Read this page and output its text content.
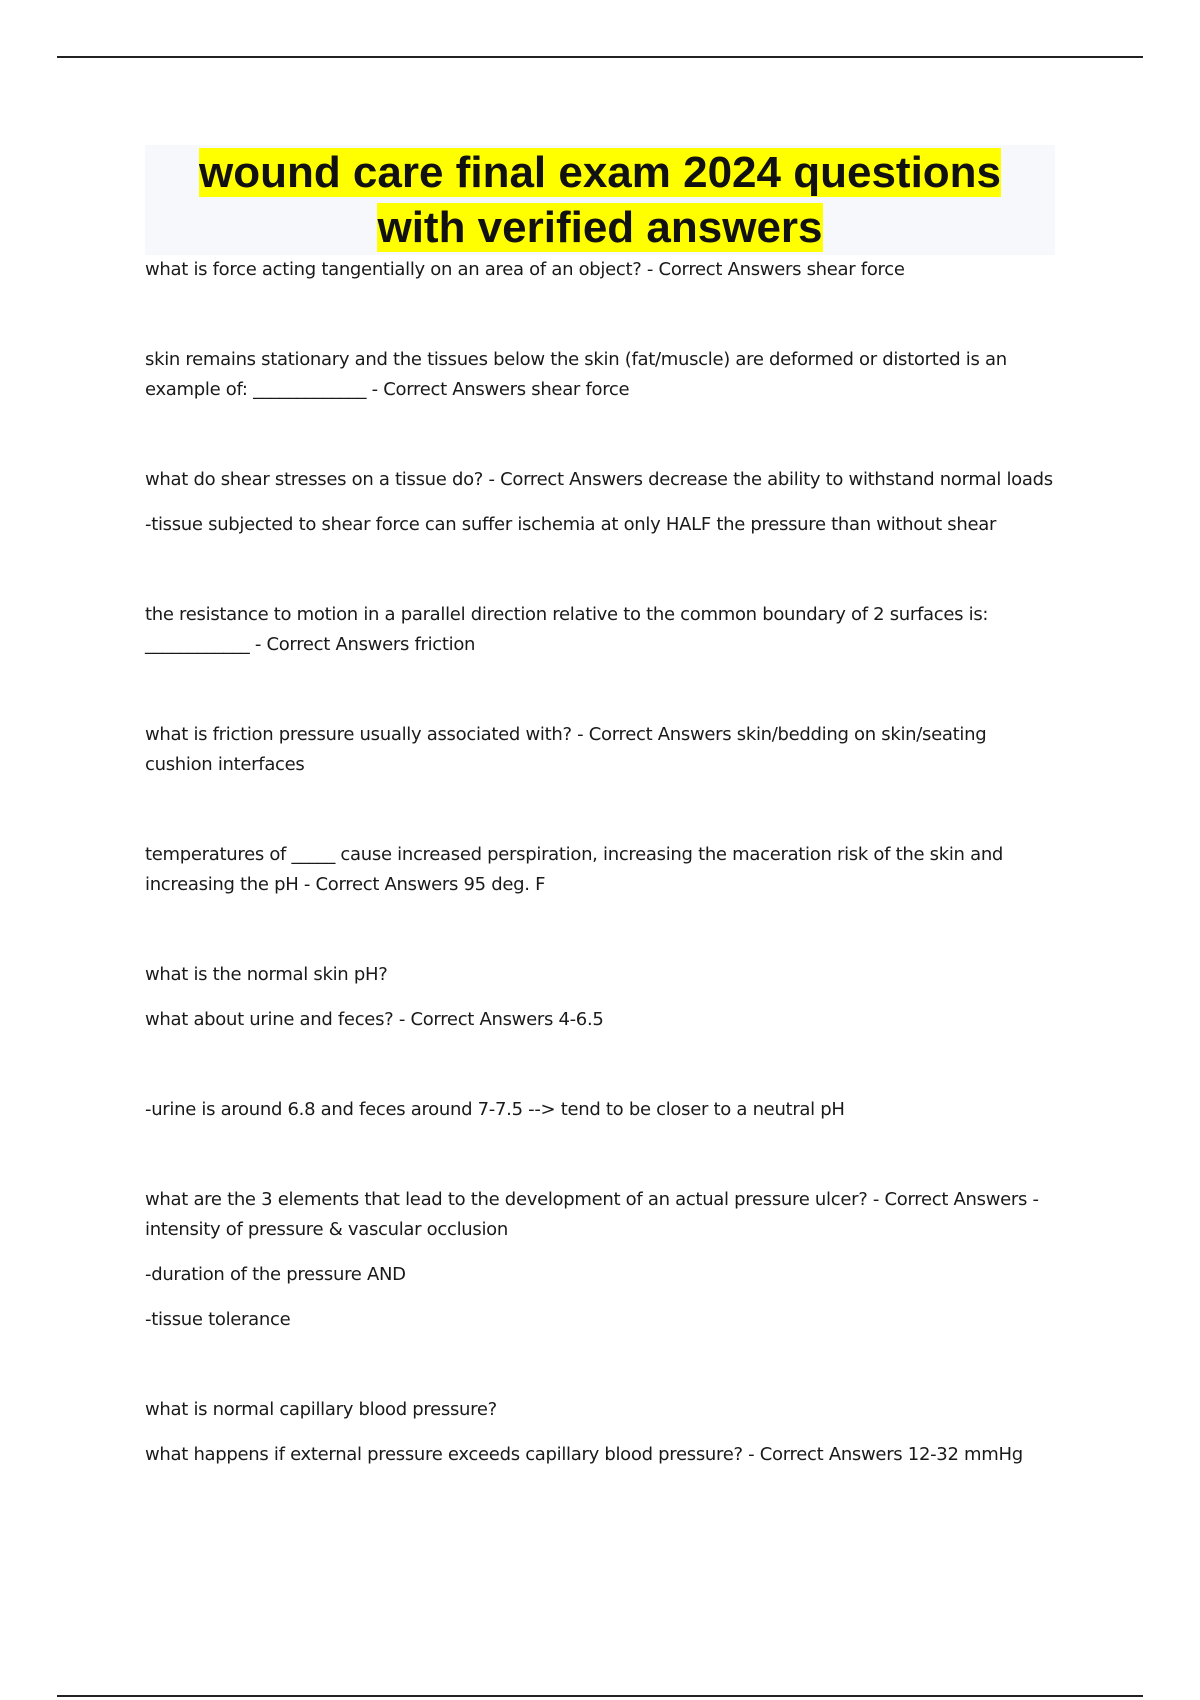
wound care final exam 2024 questions with verified answers

what is force acting tangentially on an area of an object? - Correct Answers shear force

skin remains stationary and the tissues below the skin (fat/muscle) are deformed or distorted is an example of: _____________ - Correct Answers shear force

what do shear stresses on a tissue do? - Correct Answers decrease the ability to withstand normal loads

-tissue subjected to shear force can suffer ischemia at only HALF the pressure than without shear

the resistance to motion in a parallel direction relative to the common boundary of 2 surfaces is: ____________ - Correct Answers friction

what is friction pressure usually associated with? - Correct Answers skin/bedding on skin/seating cushion interfaces

temperatures of _____ cause increased perspiration, increasing the maceration risk of the skin and increasing the pH - Correct Answers 95 deg. F

what is the normal skin pH?

what about urine and feces? - Correct Answers 4-6.5

-urine is around 6.8 and feces around 7-7.5 --> tend to be closer to a neutral pH

what are the 3 elements that lead to the development of an actual pressure ulcer? - Correct Answers -intensity of pressure & vascular occlusion

-duration of the pressure AND

-tissue tolerance

what is normal capillary blood pressure?

what happens if external pressure exceeds capillary blood pressure? - Correct Answers 12-32 mmHg
